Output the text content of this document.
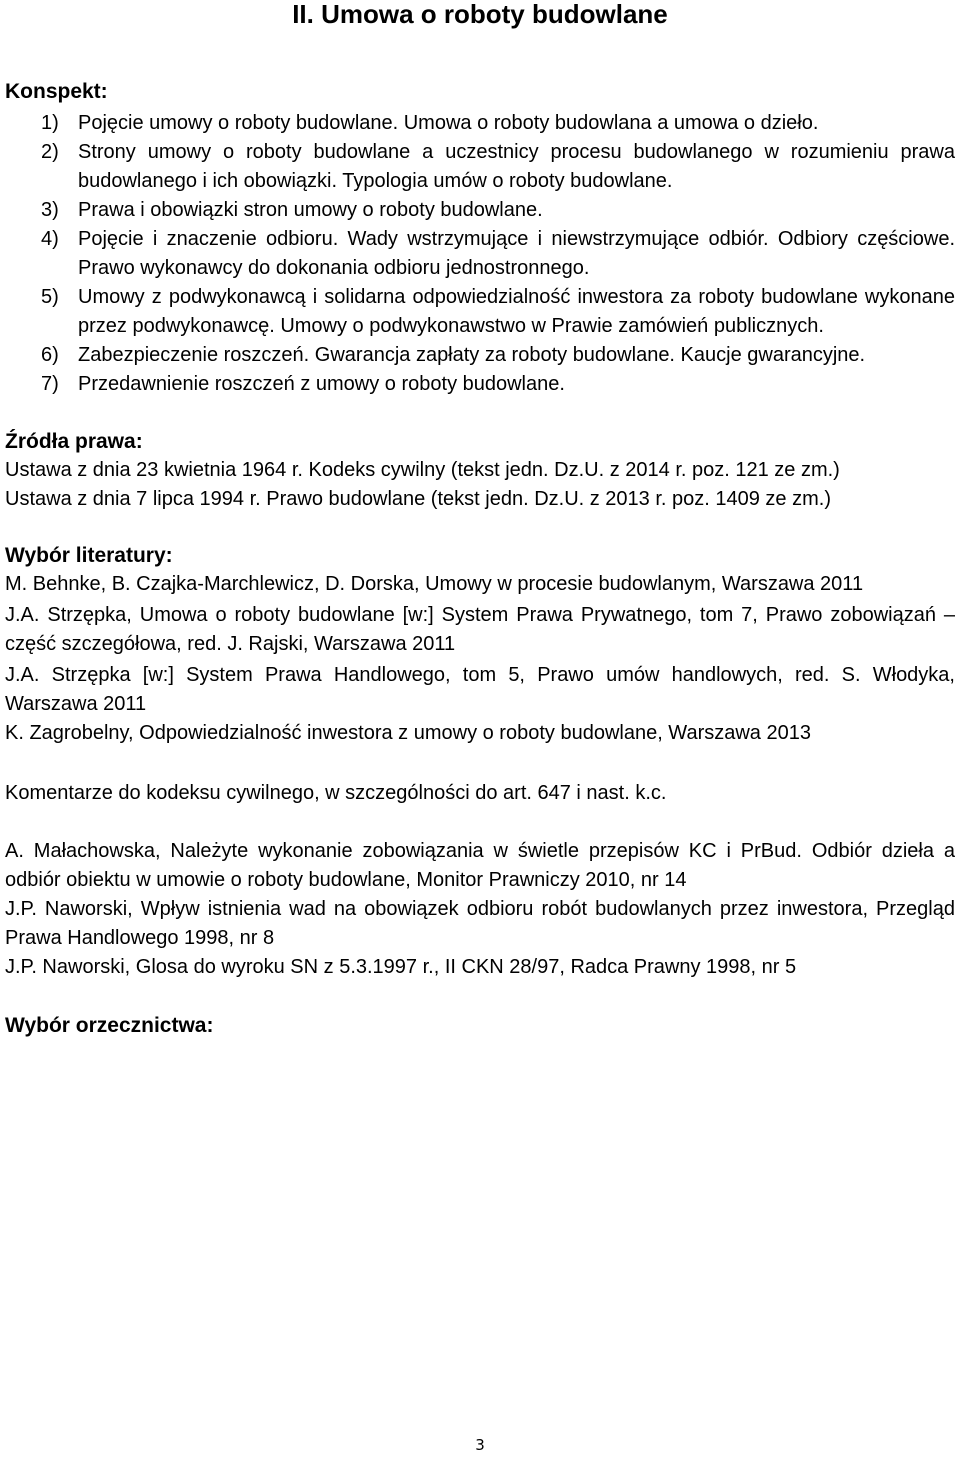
II. Umowa o roboty budowlane
Konspekt:
1) Pojęcie umowy o roboty budowlane. Umowa o roboty budowlana a umowa o dzieło.
2) Strony umowy o roboty budowlane a uczestnicy procesu budowlanego w rozumieniu prawa budowlanego i ich obowiązki. Typologia umów o roboty budowlane.
3) Prawa i obowiązki stron umowy o roboty budowlane.
4) Pojęcie i znaczenie odbioru. Wady wstrzymujące i niewstrzymujące odbiór. Odbiory częściowe. Prawo wykonawcy do dokonania odbioru jednostronnego.
5) Umowy z podwykonawcą i solidarna odpowiedzialność inwestora za roboty budowlane wykonane przez podwykonawcę. Umowy o podwykonawstwo w Prawie zamówień publicznych.
6) Zabezpieczenie roszczeń. Gwarancja zapłaty za roboty budowlane. Kaucje gwarancyjne.
7) Przedawnienie roszczeń z umowy o roboty budowlane.
Źródła prawa:

Ustawa z dnia 23 kwietnia 1964 r. Kodeks cywilny (tekst jedn. Dz.U. z 2014 r. poz. 121 ze zm.)

Ustawa z dnia 7 lipca 1994 r. Prawo budowlane (tekst jedn. Dz.U. z 2013 r. poz. 1409 ze zm.)

Wybór literatury:

M. Behnke, B. Czajka-Marchlewicz, D. Dorska, Umowy w procesie budowlanym, Warszawa 2011

J.A. Strzępka, Umowa o roboty budowlane [w:] System Prawa Prywatnego, tom 7, Prawo zobowiązań – część szczegółowa, red. J. Rajski, Warszawa 2011

J.A. Strzępka [w:] System Prawa Handlowego, tom 5, Prawo umów handlowych, red. S. Włodyka, Warszawa 2011

K. Zagrobelny, Odpowiedzialność inwestora z umowy o roboty budowlane, Warszawa 2013

Komentarze do kodeksu cywilnego, w szczególności do art. 647 i nast. k.c.

A. Małachowska, Należyte wykonanie zobowiązania w świetle przepisów KC i PrBud. Odbiór dzieła a odbiór obiektu w umowie o roboty budowlane, Monitor Prawniczy 2010, nr 14

J.P. Naworski, Wpływ istnienia wad na obowiązek odbioru robót budowlanych przez inwestora, Przegląd Prawa Handlowego 1998, nr 8

J.P. Naworski, Glosa do wyroku SN z 5.3.1997 r., II CKN 28/97, Radca Prawny 1998, nr 5

Wybór orzecznictwa:
3
